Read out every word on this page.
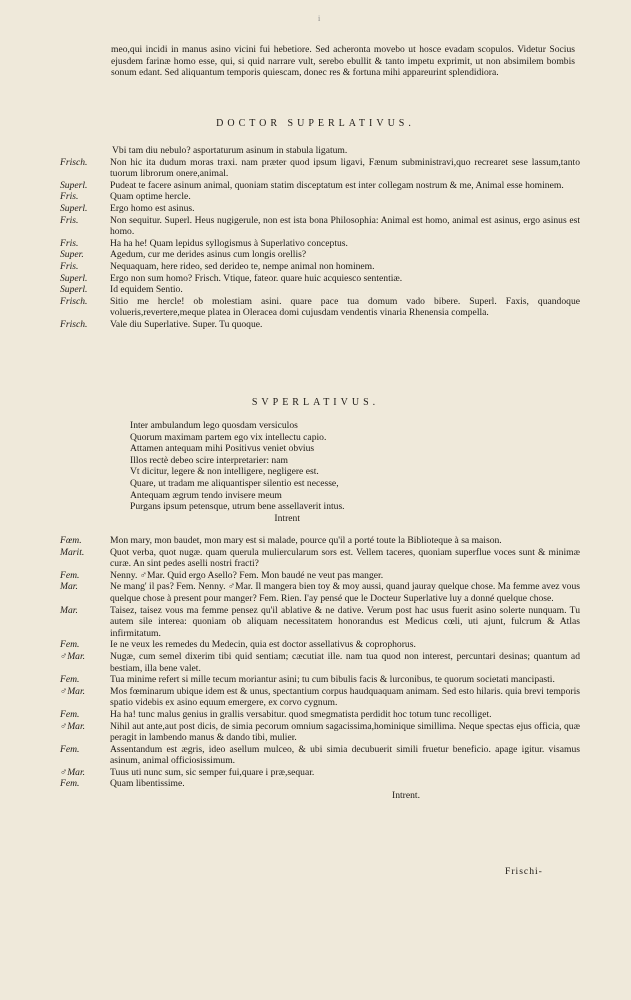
i
meo,qui incidi in manus asino vicini fui hebetiore. Sed acheronta movebo ut hosce evadam scopulos. Videtur Socius ejusdem farinæ homo esse, qui, si quid narrare vult, serebo ebullit & tanto impetu exprimit, ut non absimilem bombis sonum edant. Sed aliquantum temporis quiescam, donec res & fortuna mihi appareurint splendidiora.
DOCTOR SUPERLATIVUS.
Vbi tam diu nebulo? asportaturum asinum in stabula ligatum.
Frisch.	Non hic ita dudum moras traxi. nam præter quod ipsum ligavi, Fænum subministravi,quo recrearet sese lassum,tanto tuorum librorum onere,animal.
Superl.	Pudeat te facere asinum animal, quoniam statim disceptatum est inter collegam nostrum & me, Animal esse hominem.
Fris.	Quam optime hercle.
Superl.	Ergo homo est asinus.
Fris.	Non sequitur. Superl. Heus nugigerule, non est ista bona Philosophia: Animal est homo, animal est asinus, ergo asinus est homo.
Fris.	Ha ha he! Quam lepidus syllogismus à Superlativo conceptus.
Super.	Agedum, cur me derides asinus cum longis orellis?
Fris.	Nequaquam, here rideo, sed derideo te, nempe animal non hominem.
Superl.	Ergo non sum homo? Frisch. Vtique, fateor. quare huic acquiesco sententiæ.
Superl.	Id equidem Sentio.
Frisch.	Sitio me hercle! ob molestiam asini. quare pace tua domum vado bibere. Superl. Faxis, quandoque volueris,revertere,meque platea in Oleracea domi cujusdam vendentis vinaria Rhenensia compella.
Frisch.	Vale diu Superlative. Super. Tu quoque.
SVPERLATIVUS.
Inter ambulandum lego quosdam versiculos
Quorum maximam partem ego vix intellectu capio.
Attamen antequam mihi Positivus veniet obvius
Illos rectè debeo scire interpretarier: nam
Vt dicitur, legere & non intelligere, negligere est.
Quare, ut tradam me aliquantisper silentio est necesse,
Antequam ægrum tendo invisere meum
Purgans ipsum petensque, utrum bene assellaverit intus.
Intrent
Fœm.	Mon mary, mon baudet, mon mary est si malade, pource qu'il a porté toute la Biblioteque à sa maison.
Marit.	Quot verba, quot nugæ. quam querula muliercularum sors est. Vellem taceres, quoniam superflue voces sunt & minimæ curæ. An sint pedes aselli nostri fracti?
Fem.	Nenny. ♂Mar. Quid ergo Asello? Fem. Mon baudé ne veut pas manger.
Mar.	Ne mang' il pas? Fem. Nenny. ♂Mar. Il mangera bien toy & moy aussi, quand jauray quelque chose. Ma femme avez vous quelque chose à present pour manger? Fem. Rien. I'ay pensé que le Docteur Superlative luy a donné quelque chose.
Mar.	Taisez, taisez vous ma femme pensez qu'il ablative & ne dative. Verum post hac usus fuerit asino solerte nunquam. Tu autem sile interea: quoniam ob aliquam necessitatem honorandus est Medicus cœli, uti ajunt, fulcrum & Atlas infirmitatum.
Fem.	Ie ne veux les remedes du Medecin, quia est doctor assellativus & coprophorus.
♂Mar.	Nugæ, cum semel dixerim tibi quid sentiam; cæcutiat ille. nam tua quod non interest, percuntari desinas; quantum ad bestiam, illa bene valet.
Fem.	Tua minime refert si mille tecum moriantur asini; tu cum bibulis facis & lurconibus, te quorum societati mancipasti.
♂Mar.	Mos fœminarum ubique idem est & unus, spectantium corpus haudquaquam animam. Sed esto hilaris. quia brevi temporis spatio videbis ex asino equum emergere, ex corvo cygnum.
Fem.	Ha ha! tunc malus genius in grallis versabitur. quod smegmatista perdidit hoc totum tunc recolliget.
♂Mar.	Nihil aut ante,aut post dicis, de simia pecorum omnium sagacissima,hominique simillima. Neque spectas ejus officia, quæ peragit in lambendo manus & dando tibi, mulier.
Fem.	Assentandum est ægris, ideo asellum mulceo, & ubi simia decubuerit simili fruetur beneficio. apage igitur. visamus asinum, animal officiosissimum.
♂Mar.	Tuus uti nunc sum, sic semper fui,quare i præ,sequar.
Fem.	Quam libentissime.
Intrent.
Frischi-
